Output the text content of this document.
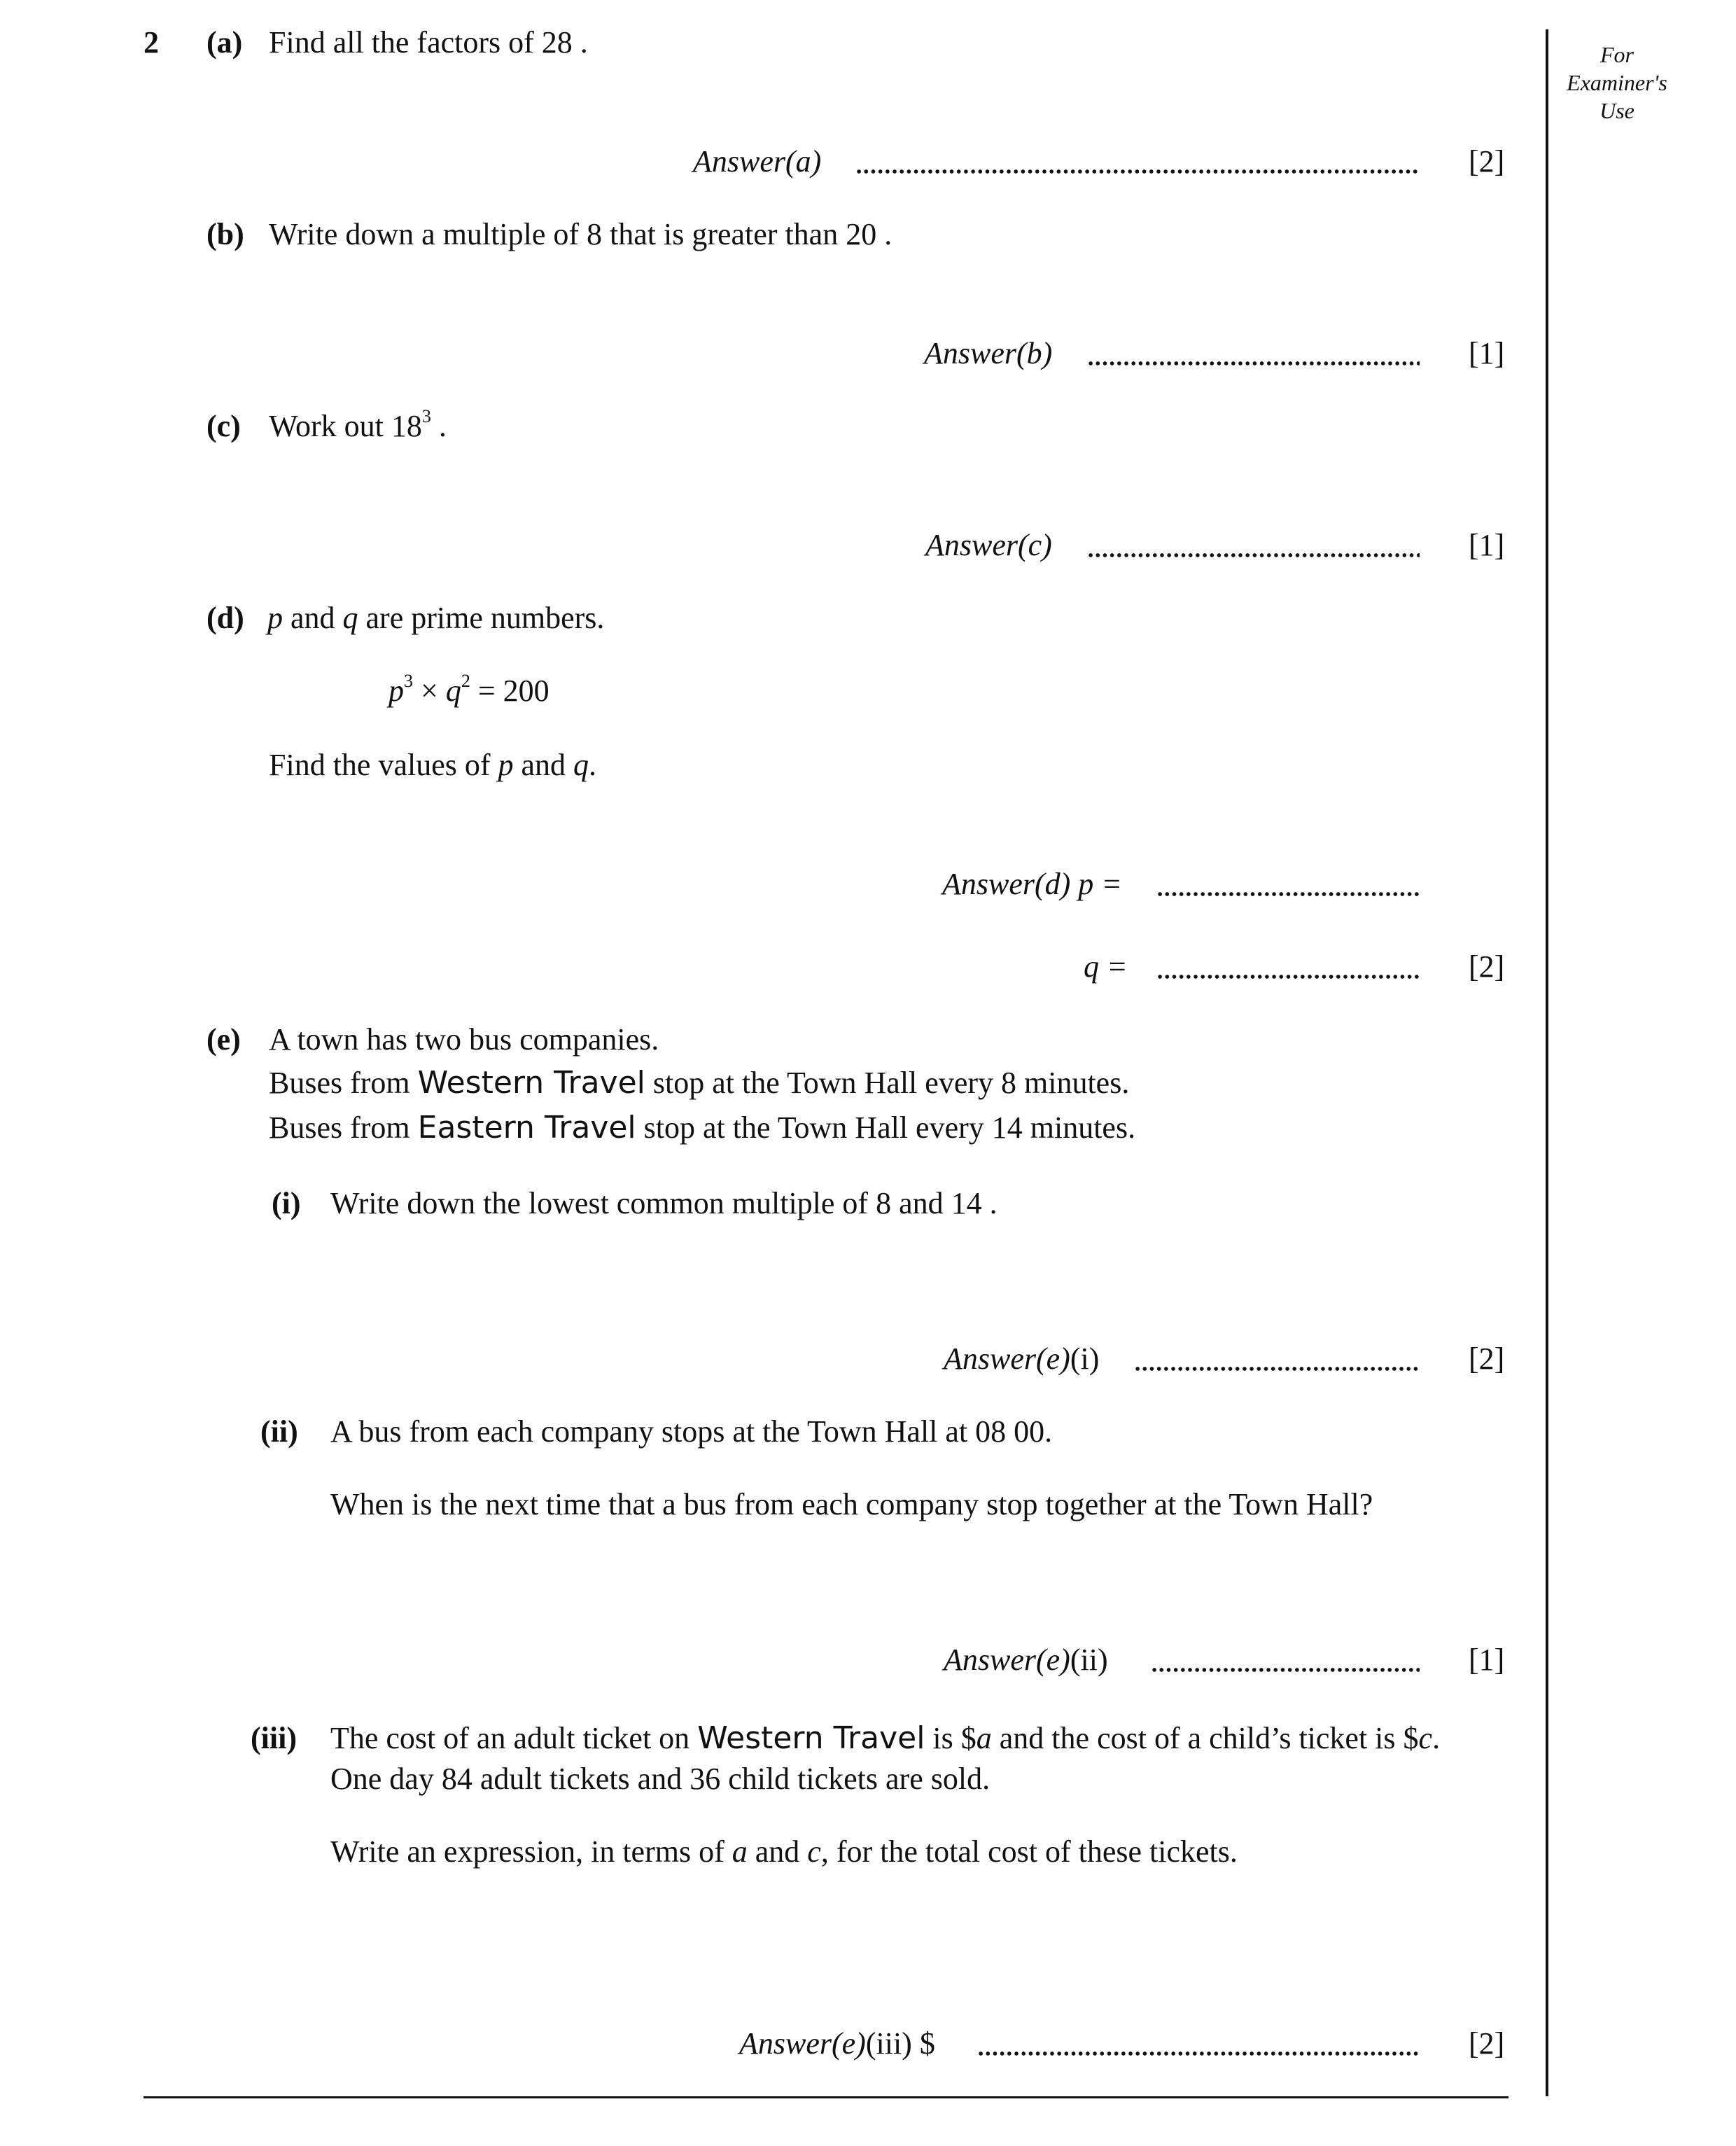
For
Examiner's
Use
2 (a) Find all the factors of 28 .
Answer(a)	[2]
(b) Write down a multiple of 8 that is greater than 20 .
Answer(b)	[1]
(c) Work out $18^3$ .
Answer(c)	[1]
(d) p and q are prime numbers.
$p^3 \times q^2 = 200$
Find the values of p and q.
Answer(d) p =
q =	[2]
(e) A town has two bus companies.
Buses from Western Travel stop at the Town Hall every 8 minutes.
Buses from Eastern Travel stop at the Town Hall every 14 minutes.
(i) Write down the lowest common multiple of 8 and 14 .
Answer(e)(i)	[2]
(ii) A bus from each company stops at the Town Hall at 08 00.
When is the next time that a bus from each company stop together at the Town Hall?
Answer(e)(ii)	[1]
(iii) The cost of an adult ticket on Western Travel is $a and the cost of a child’s ticket is $c.
One day 84 adult tickets and 36 child tickets are sold.
Write an expression, in terms of a and c, for the total cost of these tickets.
Answer(e)(iii) $	[2]
